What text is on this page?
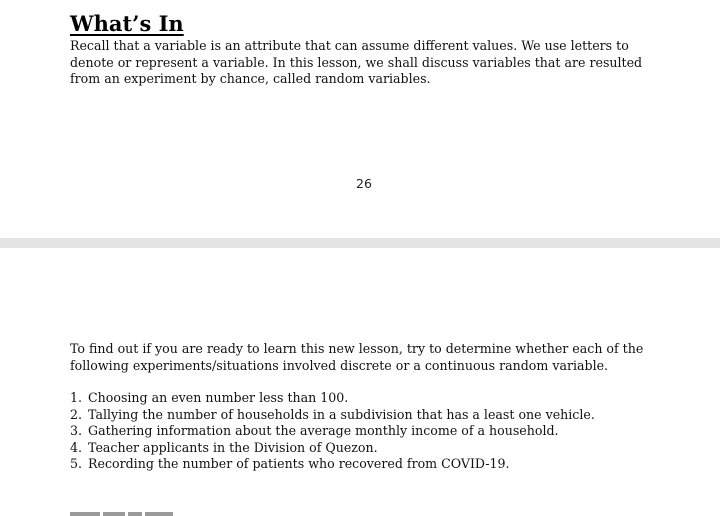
What’s In

Recall that a variable is an attribute that can assume different values. We use letters to denote or represent a variable. In this lesson, we shall discuss variables that are resulted from an experiment by chance, called random variables.

26

To find out if you are ready to learn this new lesson, try to determine whether each of the following experiments/situations involved discrete or a continuous random variable.

1. Choosing an even number less than 100.
2. Tallying the number of households in a subdivision that has a least one vehicle.
3. Gathering information about the average monthly income of a household.
4. Teacher applicants in the Division of Quezon.
5. Recording the number of patients who recovered from COVID-19.
